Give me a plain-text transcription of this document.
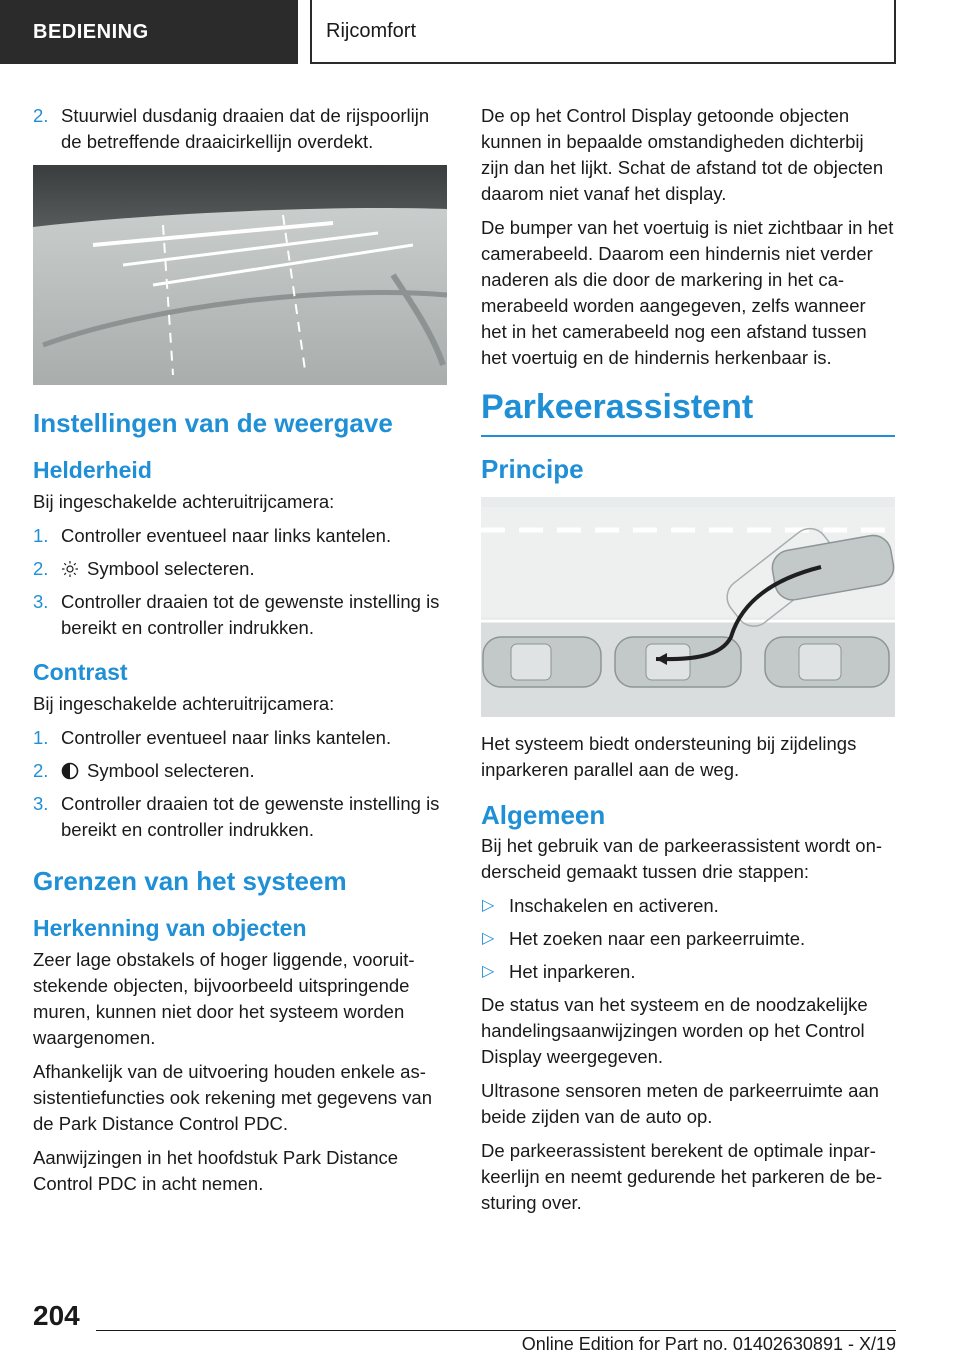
BEDIENING	Rijcomfort
2. Stuurwiel dusdanig draaien dat de rijspoorlijn de betreffende draaicirkellijn overdekt.
Instellingen van de weergave
Helderheid

Bij ingeschakelde achteruitrijcamera:

1. Controller eventueel naar links kantelen.
2. Symbool selecteren.
3. Controller draaien tot de gewenste instelling is bereikt en controller indrukken.
Contrast

Bij ingeschakelde achteruitrijcamera:

1. Controller eventueel naar links kantelen.
2. Symbool selecteren.
3. Controller draaien tot de gewenste instelling is bereikt en controller indrukken.
Grenzen van het systeem
Herkenning van objecten

Zeer lage obstakels of hoger liggende, vooruitstekende objecten, bijvoorbeeld uitspringende muren, kunnen niet door het systeem worden waargenomen.

Afhankelijk van de uitvoering houden enkele assistentiefuncties ook rekening met gegevens van de Park Distance Control PDC.

Aanwijzingen in het hoofdstuk Park Distance Control PDC in acht nemen.

De op het Control Display getoonde objecten kunnen in bepaalde omstandigheden dichterbij zijn dan het lijkt. Schat de afstand tot de objecten daarom niet vanaf het display.

De bumper van het voertuig is niet zichtbaar in het camerabeeld. Daarom een hindernis niet verder naderen als die door de markering in het camerabeeld worden aangegeven, zelfs wanneer het in het camerabeeld nog een afstand tussen het voertuig en de hindernis herkenbaar is.

Parkeerassistent
Principe

Het systeem biedt ondersteuning bij zijdelings inparkeren parallel aan de weg.

Algemeen

Bij het gebruik van de parkeerassistent wordt onderscheid gemaakt tussen drie stappen:

▷ Inschakelen en activeren.
▷ Het zoeken naar een parkeerruimte.
▷ Het inparkeren.

De status van het systeem en de noodzakelijke handelingsaanwijzingen worden op het Control Display weergegeven.

Ultrasone sensoren meten de parkeerruimte aan beide zijden van de auto op.

De parkeerassistent berekent de optimale inparkeerlijn en neemt gedurende het parkeren de besturing over.

204
Online Edition for Part no. 01402630891 - X/19
